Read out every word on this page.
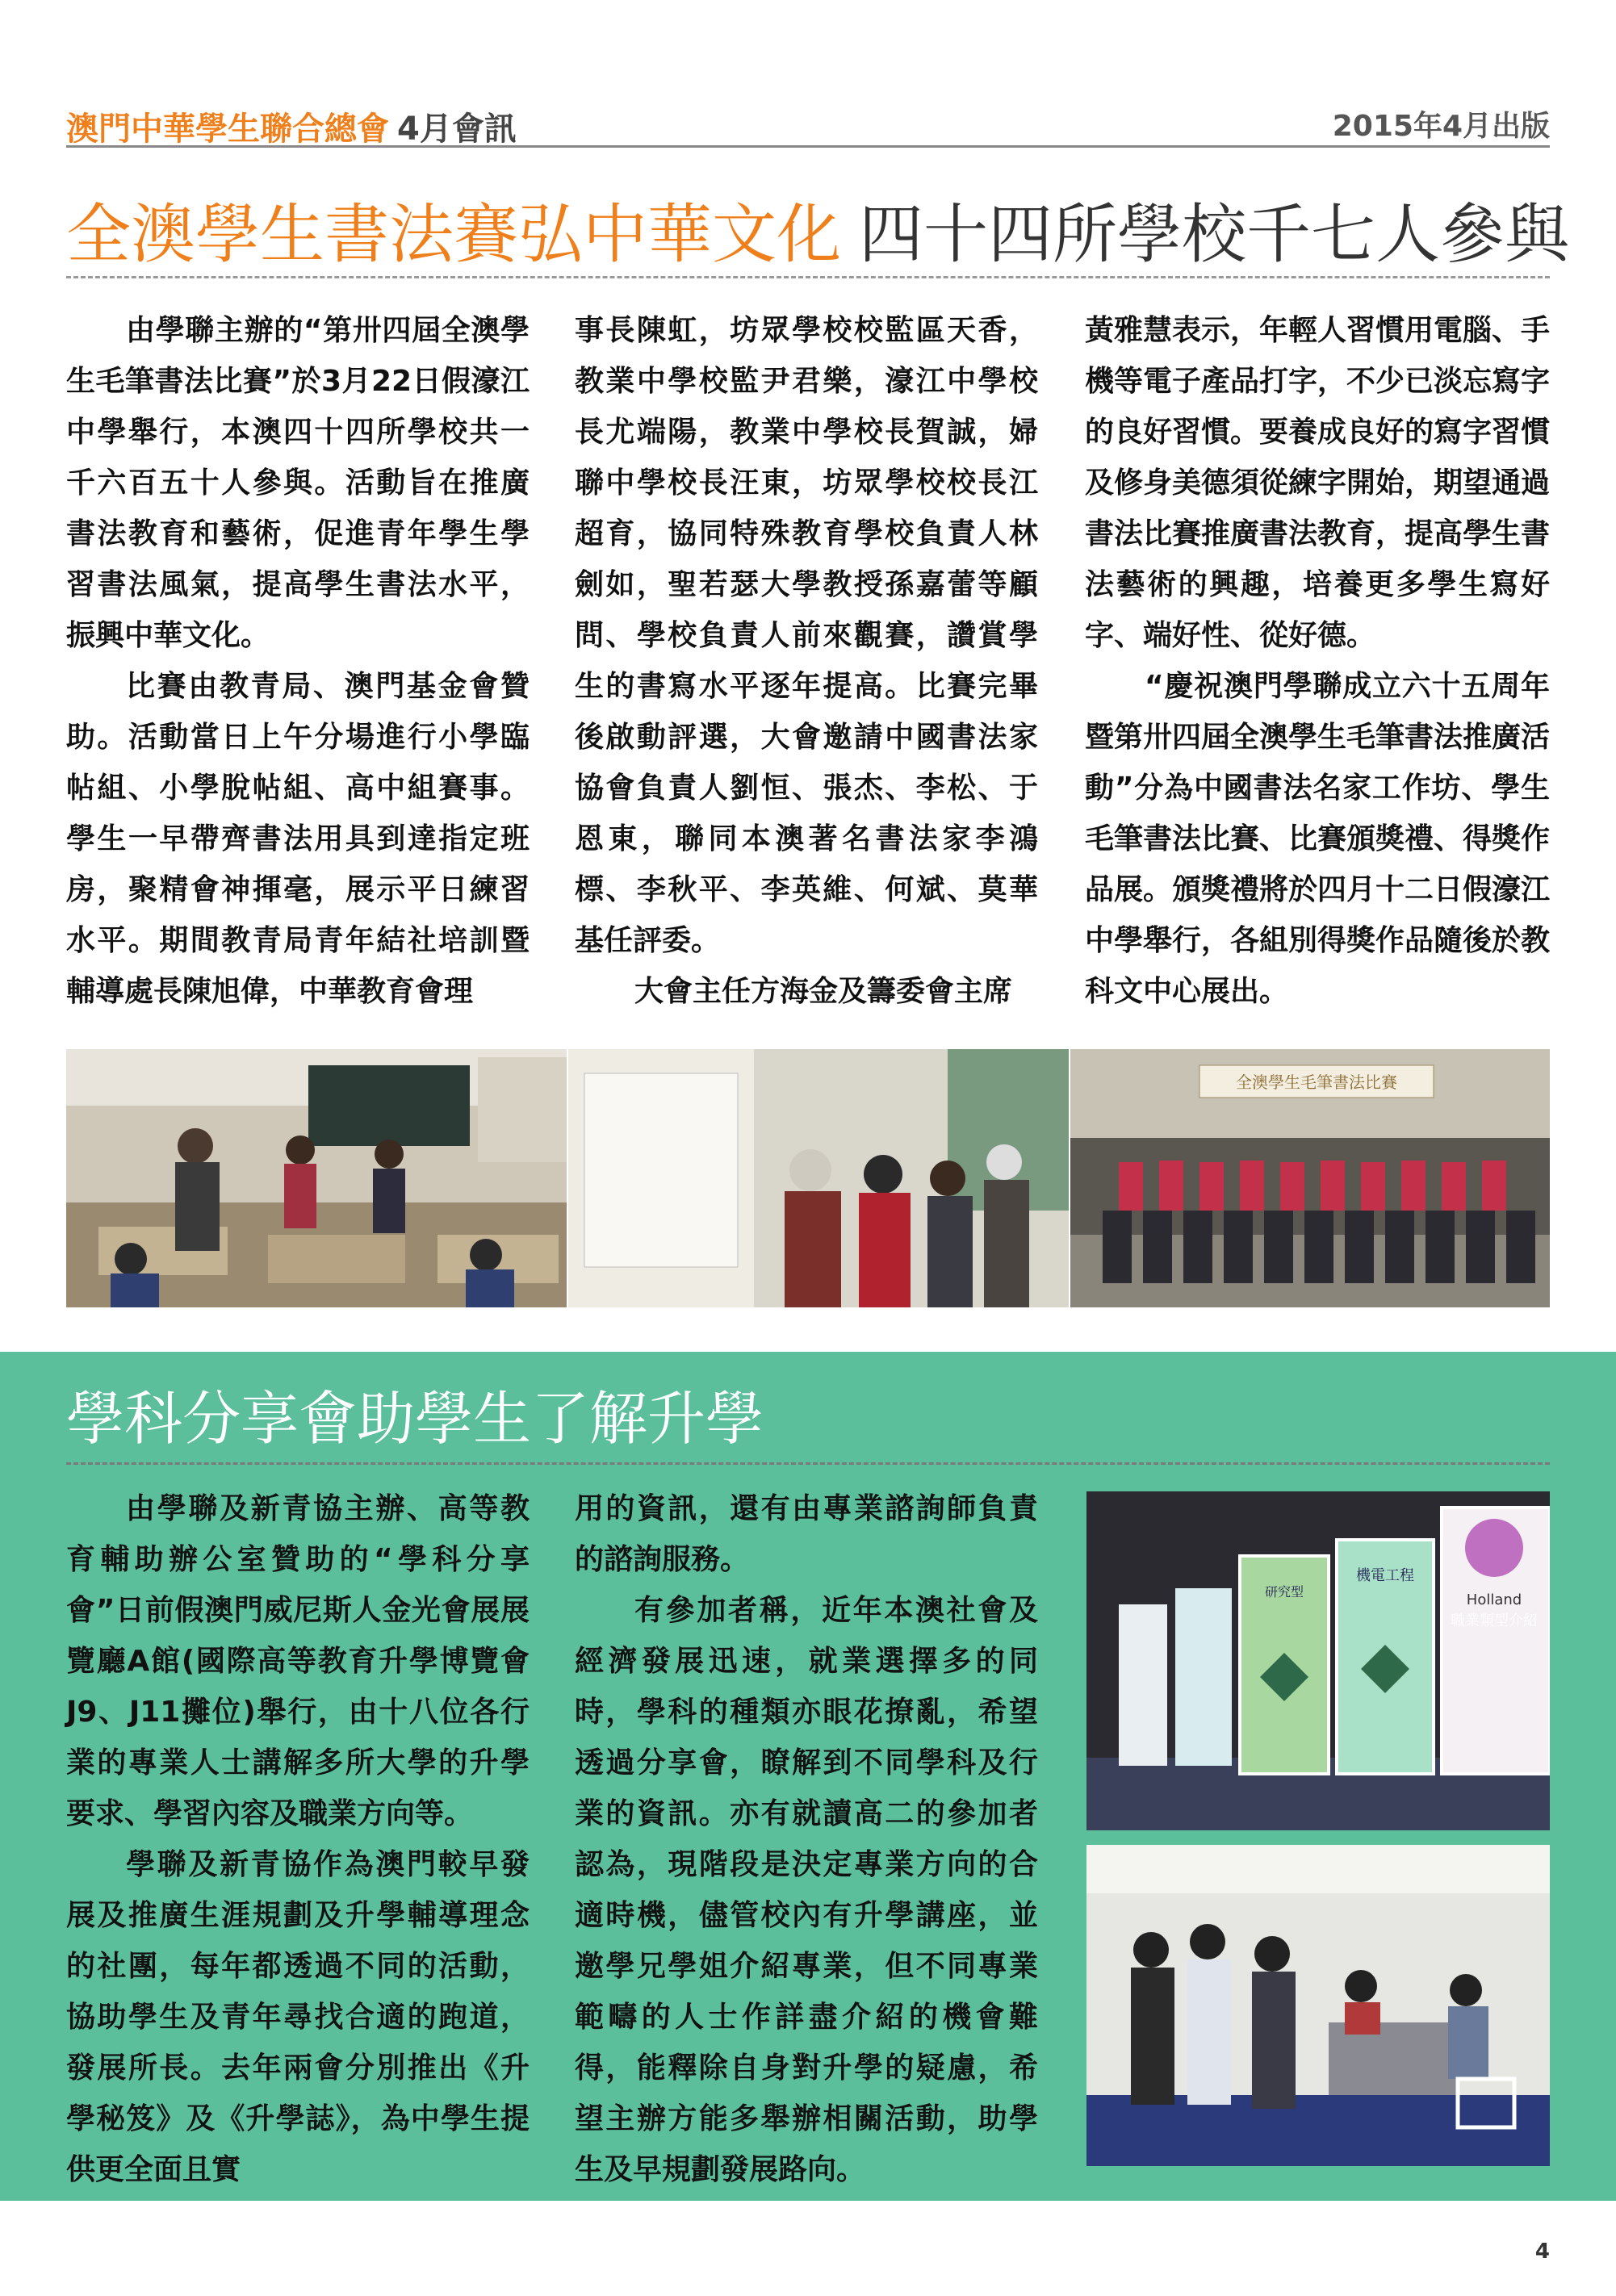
澳門中華學生聯合總會 4月會訊	2015年4月出版
全澳學生書法賽弘中華文化 四十四所學校千七人參與

由學聯主辦的“第卅四屆全澳學生毛筆書法比賽”於3月22日假濠江中學舉行，本澳四十四所學校共一千六百五十人參與。活動旨在推廣書法教育和藝術，促進青年學生學習書法風氣，提高學生書法水平，振興中華文化。

比賽由教青局、澳門基金會贊助。活動當日上午分場進行小學臨帖組、小學脫帖組、高中組賽事。學生一早帶齊書法用具到達指定班房，聚精會神揮毫，展示平日練習水平。期間教青局青年結社培訓暨輔導處長陳旭偉，中華教育會理

事長陳虹，坊眾學校校監區天香，教業中學校監尹君樂，濠江中學校長尤端陽，教業中學校長賀誠，婦聯中學校長汪東，坊眾學校校長江超育，協同特殊教育學校負責人林劍如，聖若瑟大學教授孫嘉蕾等顧問、學校負責人前來觀賽，讚賞學生的書寫水平逐年提高。比賽完畢後啟動評選，大會邀請中國書法家協會負責人劉恒、張杰、李松、于恩東，聯同本澳著名書法家李鴻標、李秋平、李英維、何斌、莫華基任評委。

大會主任方海金及籌委會主席

黃雅慧表示，年輕人習慣用電腦、手機等電子產品打字，不少已淡忘寫字的良好習慣。要養成良好的寫字習慣及修身美德須從練字開始，期望通過書法比賽推廣書法教育，提高學生書法藝術的興趣，培養更多學生寫好字、端好性、從好德。

“慶祝澳門學聯成立六十五周年暨第卅四屆全澳學生毛筆書法推廣活動”分為中國書法名家工作坊、學生毛筆書法比賽、比賽頒獎禮、得獎作品展。頒獎禮將於四月十二日假濠江中學舉行，各組別得獎作品隨後於教科文中心展出。

全澳學生毛筆書法比賽
學科分享會助學生了解升學

由學聯及新青協主辦、高等教育輔助辦公室贊助的“學科分享會”日前假澳門威尼斯人金光會展展覽廳A館(國際高等教育升學博覽會J9、J11攤位)舉行，由十八位各行業的專業人士講解多所大學的升學要求、學習內容及職業方向等。

學聯及新青協作為澳門較早發展及推廣生涯規劃及升學輔導理念的社團，每年都透過不同的活動，協助學生及青年尋找合適的跑道，發展所長。去年兩會分別推出《升學秘笈》及《升學誌》，為中學生提供更全面且實

用的資訊，還有由專業諮詢師負責的諮詢服務。

有參加者稱，近年本澳社會及經濟發展迅速，就業選擇多的同時，學科的種類亦眼花撩亂，希望透過分享會，瞭解到不同學科及行業的資訊。亦有就讀高二的參加者認為，現階段是決定專業方向的合適時機，儘管校內有升學講座，並邀學兄學姐介紹專業，但不同專業範疇的人士作詳盡介紹的機會難得，能釋除自身對升學的疑慮，希望主辦方能多舉辦相關活動，助學生及早規劃發展路向。

Holland
職業類型介紹
機電工程
研究型
4
